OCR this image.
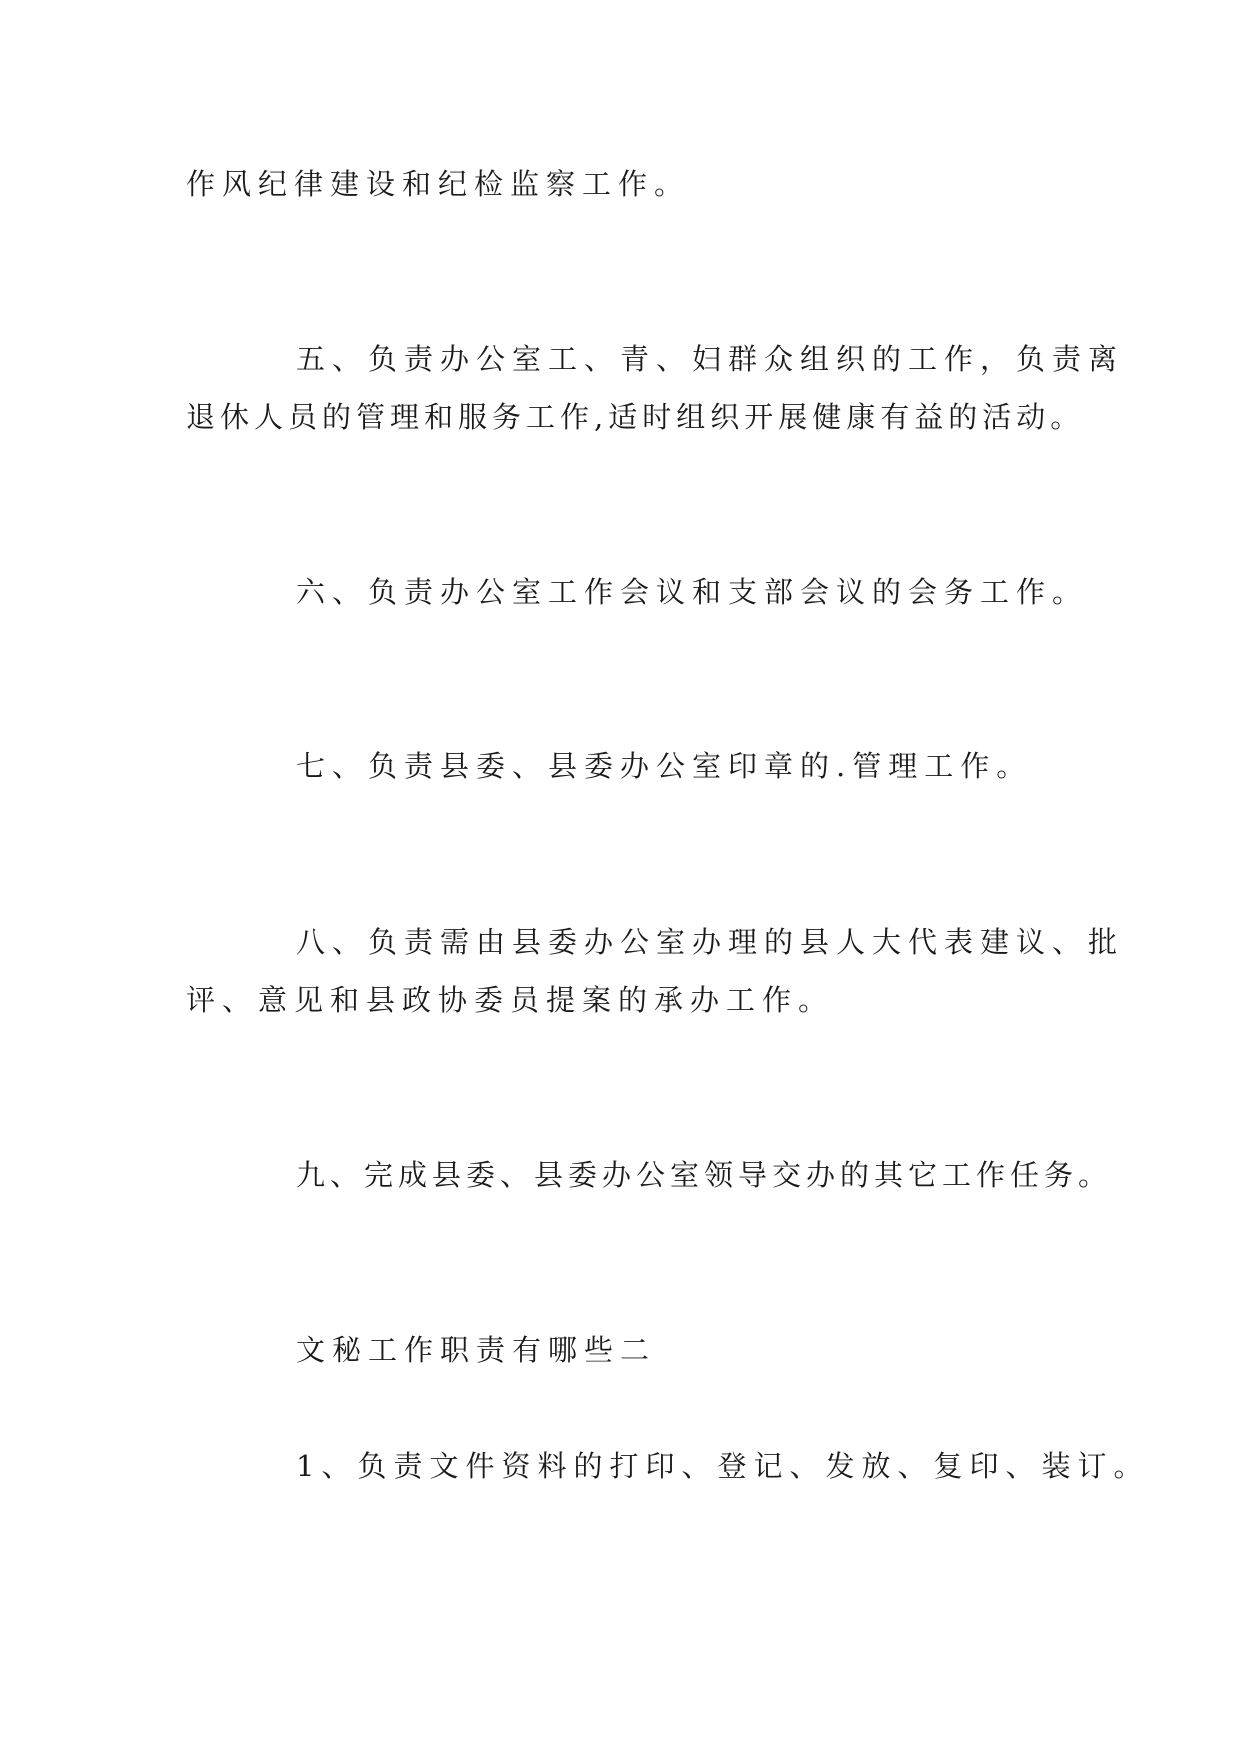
作风纪律建设和纪检监察工作。

五、负责办公室工、青、妇群众组织的工作，负责离
退休人员的管理和服务工作,适时组织开展健康有益的活动。

六、负责办公室工作会议和支部会议的会务工作。

七、负责县委、县委办公室印章的.管理工作。

八、负责需由县委办公室办理的县人大代表建议、批
评、意见和县政协委员提案的承办工作。

九、完成县委、县委办公室领导交办的其它工作任务。

文秘工作职责有哪些二

1、负责文件资料的打印、登记、发放、复印、装订。
